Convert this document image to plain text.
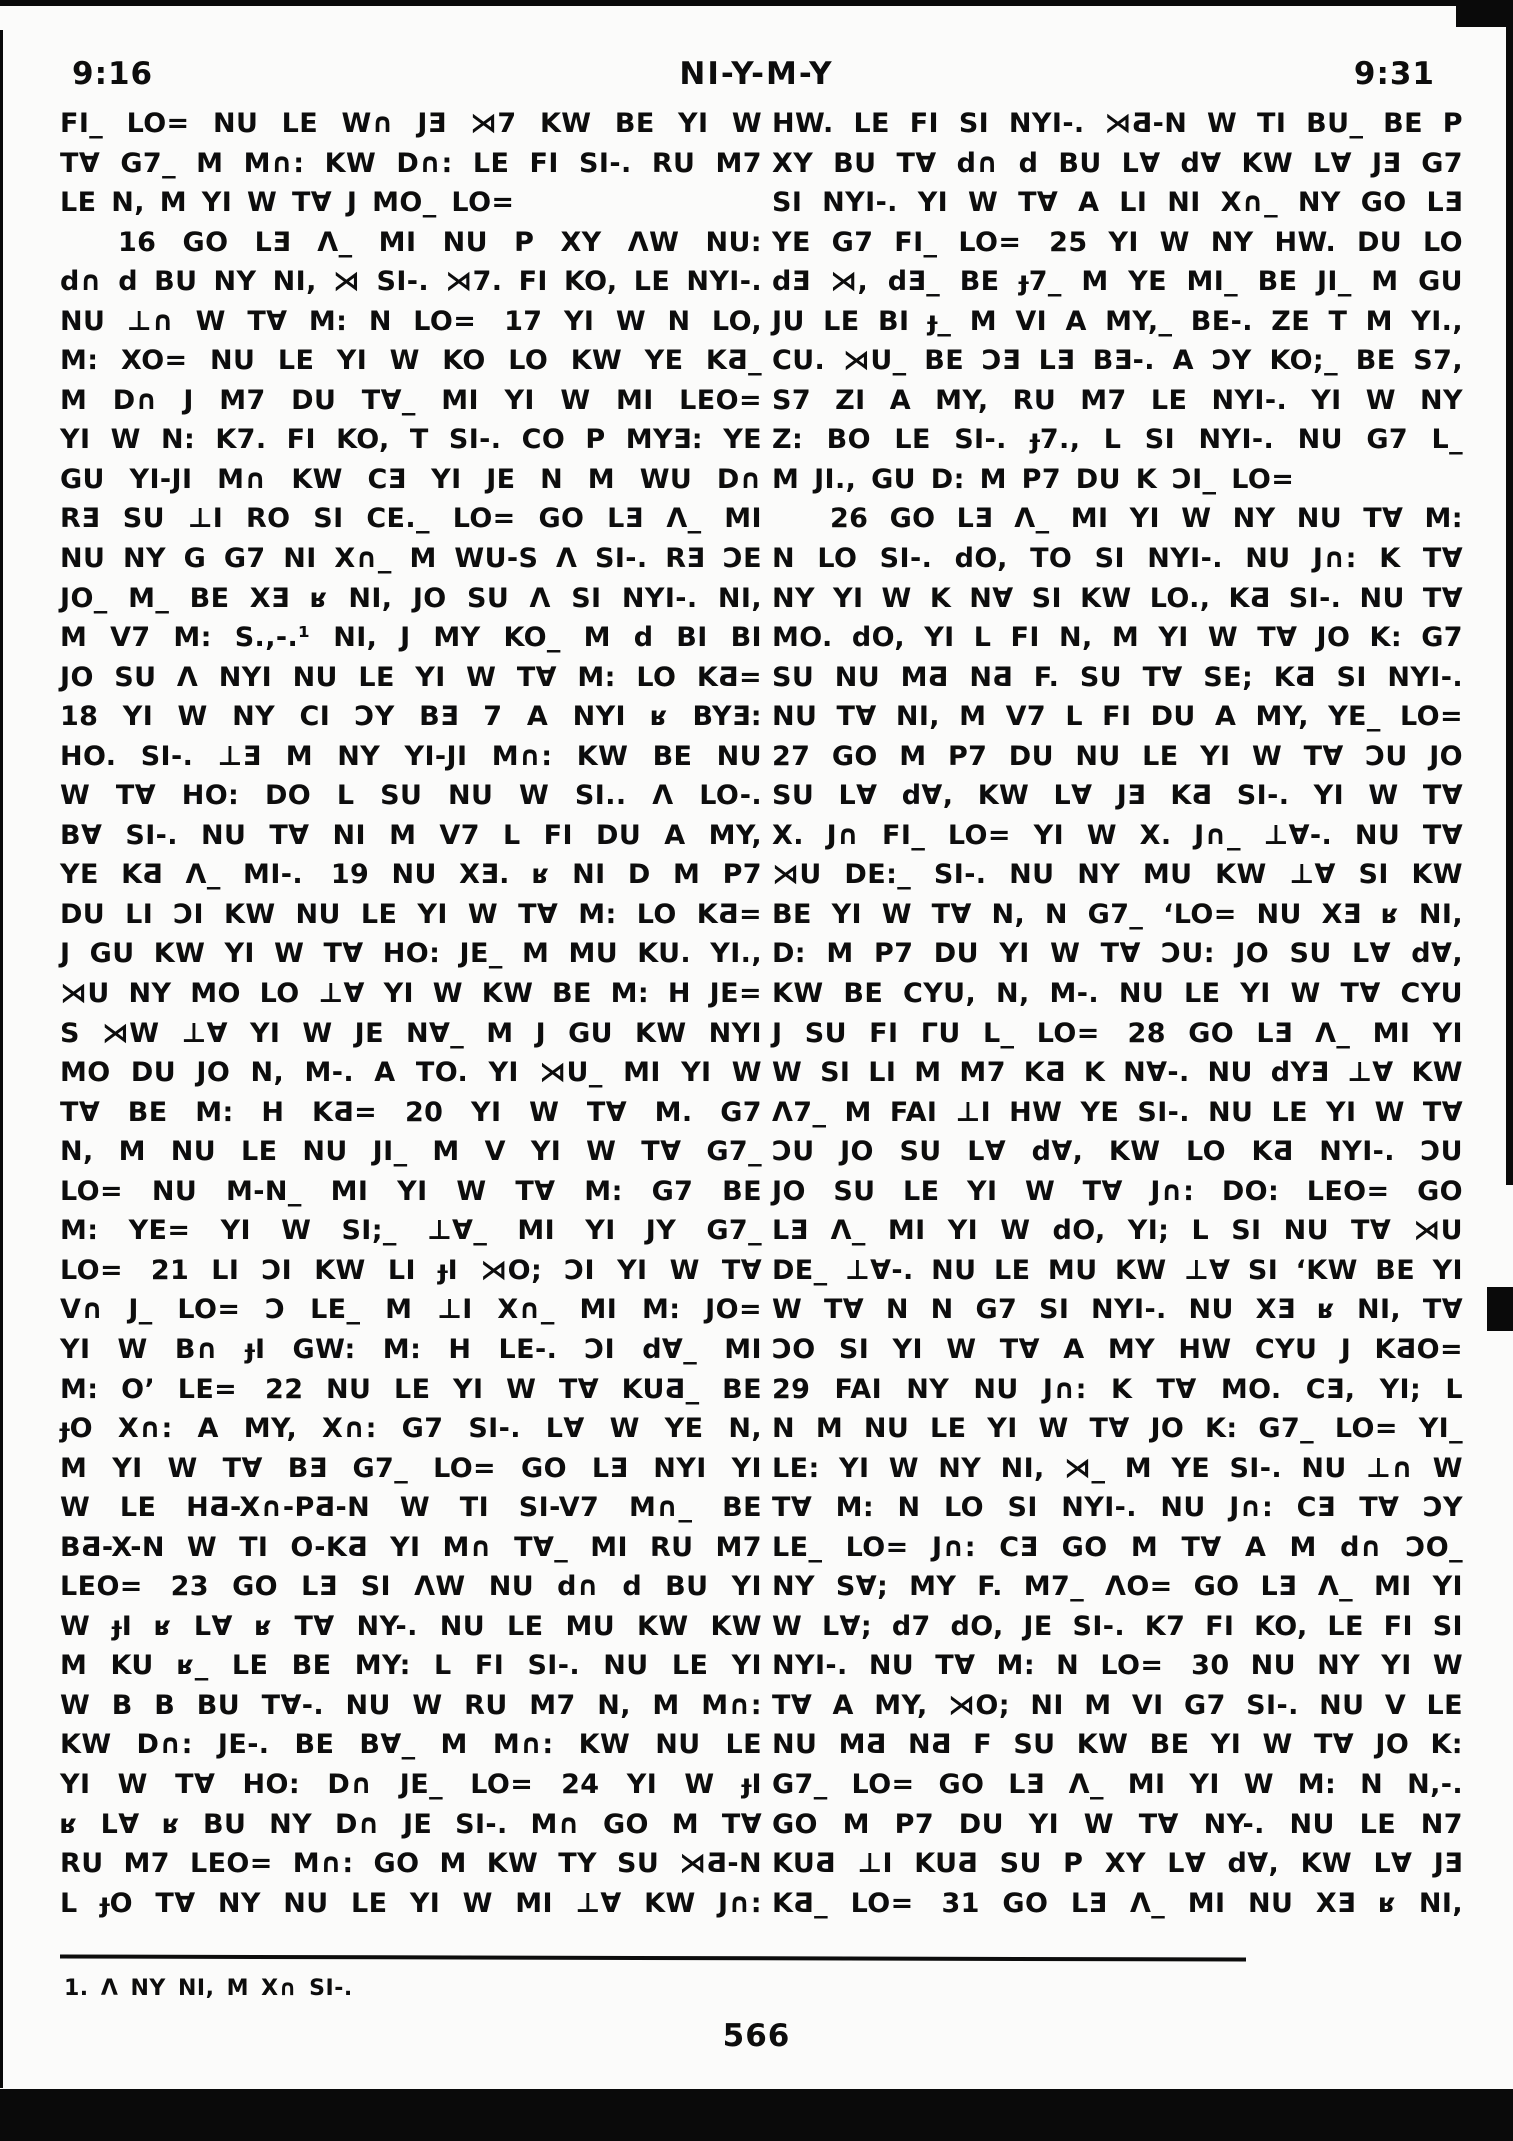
9:16	NI-Y-M-Y	9:31
FI_ LO= NU LE W∩ JƎ ⋊7 KW BE YI W
T∀ G7_ M M∩: KW D∩: LE FI SI-. RU M7
LE N, M YI W T∀ J MO_ LO=
16 GO LƎ Λ_ MI NU P XY ΛW NU:
d∩ d BU NY NI, ⋊ SI-. ⋊7. FI KO, LE NYI-.
NU ⊥∩ W T∀ M: N LO=  17 YI W N LO,
M: XO= NU LE YI W KO LO KW YE KƋ_
M D∩ J M7 DU T∀_ MI YI W MI LEO=
YI W N: K7. FI KO, T SI-. CO P MYƎ: YE
GU YI-JI M∩ KW CƎ YI JE N M WU D∩
RƎ SU ⊥I RO SI CE._ LO= GO LƎ Λ_ MI
NU NY G G7 NI X∩_ M WU-S Λ SI-. RƎ ƆE
JO_ M_ BE XƎ ʁ NI, JO SU Λ SI NYI-. NI,
M V7 M: S.,-.¹ NI, J MY KO_ M d BI BI
JO SU Λ NYI NU LE YI W T∀ M: LO KƋ=
18 YI W NY CI ƆY BƎ 7 A NYI ʁ BYƎ:
HO. SI-. ⊥Ǝ M NY YI-JI M∩: KW BE NU
W T∀ HO: DO L SU NU W SI.. Λ LO-.
B∀ SI-. NU T∀ NI M V7 L FI DU A MY,
YE KƋ Λ_ MI-.  19 NU XƎ. ʁ NI D M P7
DU LI ƆI KW NU LE YI W T∀ M: LO KƋ=
J GU KW YI W T∀ HO: JE_ M MU KU. YI.,
⋊U NY MO LO ⊥∀ YI W KW BE M: H JE=
S ⋊W ⊥∀ YI W JE N∀_ M J GU KW NYI
MO DU JO N, M-. A TO. YI ⋊U_ MI YI W
T∀ BE M: H KƋ=  20 YI W T∀ M. G7
N, M NU LE NU JI_ M V YI W T∀ G7_
LO= NU M-N_ MI YI W T∀ M: G7 BE
M: YE= YI W SI;_ ⊥∀_ MI YI JY G7_
LO=  21 LI ƆI KW LI ɟI ⋊O; ƆI YI W T∀
V∩ J_ LO= Ɔ LE_ M ⊥I X∩_ MI M: JO=
YI W B∩ ɟI GW: M: H LE-. ƆI d∀_ MI
M: O’ LE=  22 NU LE YI W T∀ KUƋ_ BE
ɟO X∩: A MY, X∩: G7 SI-. L∀ W YE N,
M YI W T∀ BƎ G7_ LO= GO LƎ NYI YI
W LE HƋ-X∩-PƋ-N W TI SI-V7 M∩_ BE
BƋ-X-N W TI O-KƋ YI M∩ T∀_ MI RU M7
LEO=  23 GO LƎ SI ΛW NU d∩ d BU YI
W ɟI ʁ L∀ ʁ T∀ NY-. NU LE MU KW KW
M KU ʁ_ LE BE MY: L FI SI-. NU LE YI
W B B BU T∀-. NU W RU M7 N, M M∩:
KW D∩: JE-. BE B∀_ M M∩: KW NU LE
YI W T∀ HO: D∩ JE_ LO=  24 YI W ɟI
ʁ L∀ ʁ BU NY D∩ JE SI-. M∩ GO M T∀
RU M7 LEO= M∩: GO M KW TY SU ⋊Ƌ-N
L ɟO T∀ NY NU LE YI W MI ⊥∀ KW J∩:
HW. LE FI SI NYI-. ⋊Ƌ-N W TI BU_ BE P
XY BU T∀ d∩ d BU L∀ d∀ KW L∀ JƎ G7
SI NYI-. YI W T∀ A LI NI X∩_ NY GO LƎ
YE G7 FI_ LO=  25 YI W NY HW. DU LO
dƎ ⋊, dƎ_ BE ɟ7_ M YE MI_ BE JI_ M GU
JU LE BI ɟ_ M VI A MY,_ BE-. ZE T M YI.,
CU. ⋊U_ BE ƆƎ LƎ BƎ-. A ƆY KO;_ BE S7,
S7 ZI A MY, RU M7 LE NYI-. YI W NY
Z: BO LE SI-. ɟ7., L SI NYI-. NU G7 L_
M JI., GU D: M P7 DU K ƆI_ LO=
26 GO LƎ Λ_ MI YI W NY NU T∀ M:
N LO SI-. dO, TO SI NYI-. NU J∩: K T∀
NY YI W K N∀ SI KW LO., KƋ SI-. NU T∀
MO. dO, YI L FI N, M YI W T∀ JO K: G7
SU NU MƋ NƋ F. SU T∀ SE; KƋ SI NYI-.
NU T∀ NI, M V7 L FI DU A MY, YE_ LO=
27 GO M P7 DU NU LE YI W T∀ ƆU JO
SU L∀ d∀, KW L∀ JƎ KƋ SI-. YI W T∀
X. J∩ FI_ LO= YI W X. J∩_ ⊥∀-. NU T∀
⋊U DE:_ SI-. NU NY MU KW ⊥∀ SI KW
BE YI W T∀ N, N G7_ ‘LO= NU XƎ ʁ NI,
D: M P7 DU YI W T∀ ƆU: JO SU L∀ d∀,
KW BE CYU, N, M-. NU LE YI W T∀ CYU
J SU FI ΓU L_ LO=  28 GO LƎ Λ_ MI YI
W SI LI M M7 KƋ K N∀-. NU dYƎ ⊥∀ KW
Λ7_ M FAI ⊥I HW YE SI-. NU LE YI W T∀
ƆU JO SU L∀ d∀, KW LO KƋ NYI-. ƆU
JO SU LE YI W T∀ J∩: DO: LEO= GO
LƎ Λ_ MI YI W dO, YI; L SI NU T∀ ⋊U
DE_ ⊥∀-. NU LE MU KW ⊥∀ SI ‘KW BE YI
W T∀ N N G7 SI NYI-. NU XƎ ʁ NI, T∀
ƆO SI YI W T∀ A MY HW CYU J KƋO=
29 FAI NY NU J∩: K T∀ MO. CƎ, YI; L
N M NU LE YI W T∀ JO K: G7_ LO= YI_
LE: YI W NY NI, ⋊_ M YE SI-. NU ⊥∩ W
T∀ M: N LO SI NYI-. NU J∩: CƎ T∀ ƆY
LE_ LO= J∩: CƎ GO M T∀ A M d∩ ƆO_
NY S∀; MY F. M7_ ΛO= GO LƎ Λ_ MI YI
W L∀; d7 dO, JE SI-. K7 FI KO, LE FI SI
NYI-. NU T∀ M: N LO=  30 NU NY YI W
T∀ A MY, ⋊O; NI M VI G7 SI-. NU V LE
NU MƋ NƋ F SU KW BE YI W T∀ JO K:
G7_ LO= GO LƎ Λ_ MI YI W M: N N,-.
GO M P7 DU YI W T∀ NY-. NU LE N7
KUƋ ⊥I KUƋ SU P XY L∀ d∀, KW L∀ JƎ
KƋ_ LO=  31 GO LƎ Λ_ MI NU XƎ ʁ NI,
1. Λ NY NI, M X∩ SI-.
566
